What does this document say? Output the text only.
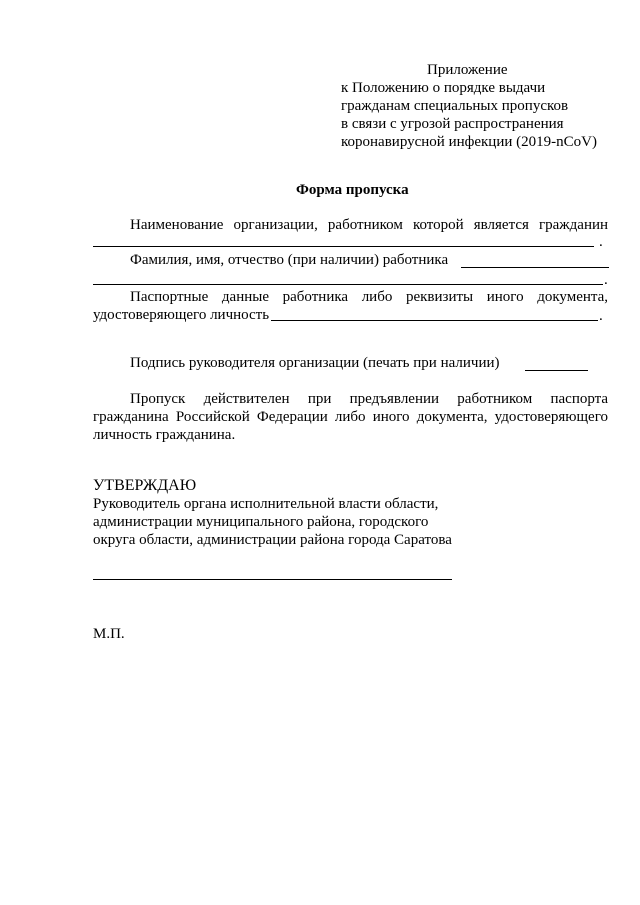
Приложение
к Положению о порядке выдачи
гражданам специальных пропусков
в связи с угрозой распространения
коронавирусной инфекции (2019-nCoV)
Форма пропуска
Наименование организации, работником которой является гражданин
.
Фамилия, имя, отчество (при наличии) работника
.
Паспортные данные работника либо реквизиты иного документа,
удостоверяющего личность	.
Подпись руководителя организации (печать при наличии)
Пропуск действителен при предъявлении работником паспорта
гражданина Российской Федерации либо иного документа, удостоверяющего
личность гражданина.
УТВЕРЖДАЮ
Руководитель органа исполнительной власти области,
администрации муниципального района, городского
округа области, администрации района города Саратова
М.П.
